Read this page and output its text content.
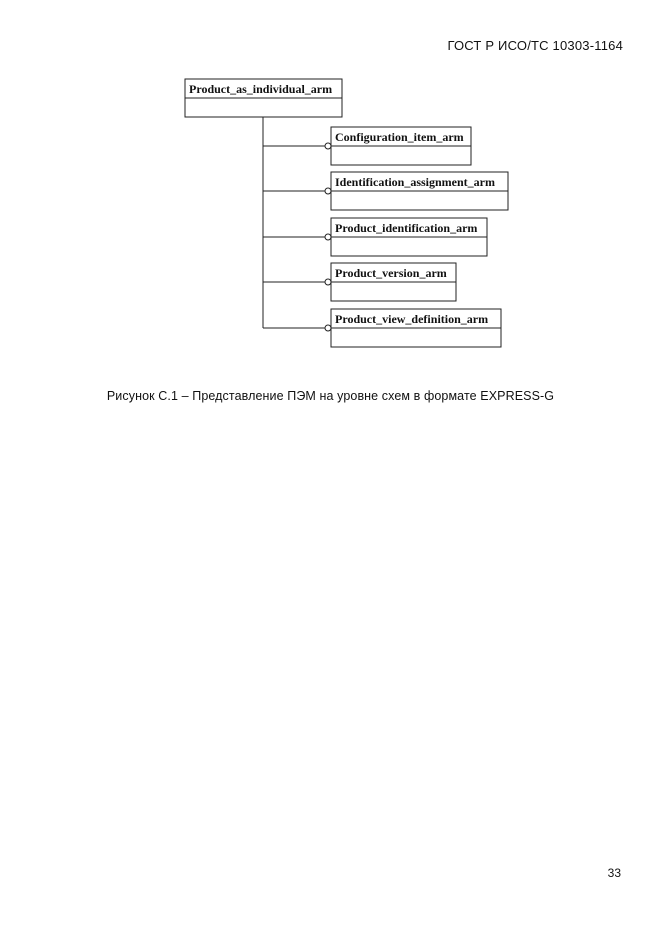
ГОСТ Р ИСО/ТС 10303-1164
Product_as_individual_arm
Configuration_item_arm
Identification_assignment_arm
Product_identification_arm
Product_version_arm
Product_view_definition_arm
Рисунок C.1 – Представление ПЭМ на уровне схем в формате EXPRESS-G
33
